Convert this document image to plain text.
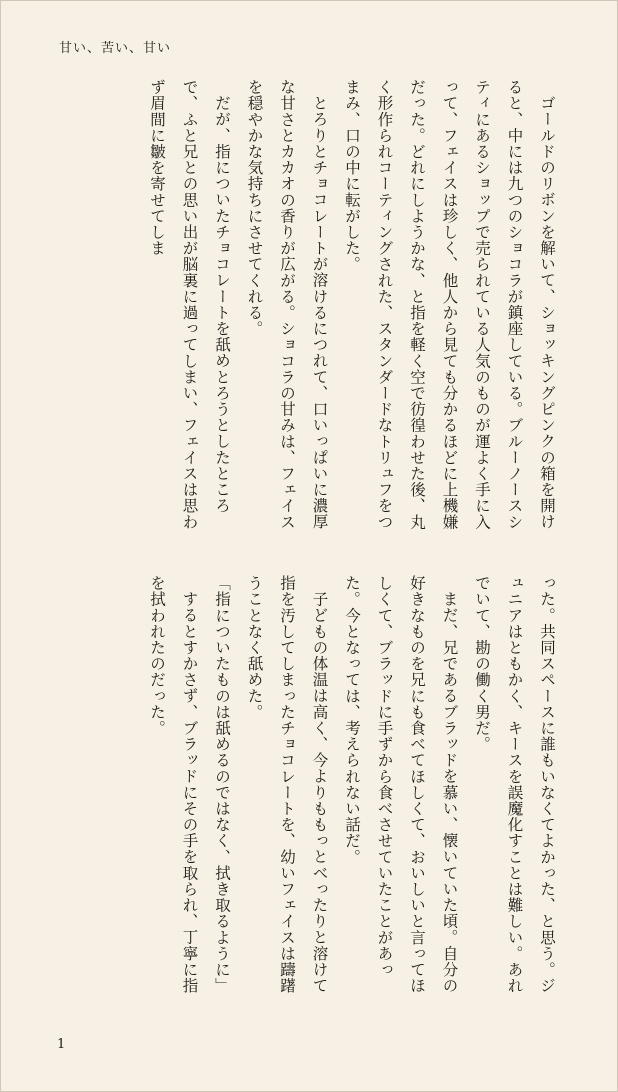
甘い、苦い、甘い

ゴールドのリボンを解いて、ショッキングピンクの箱を開けると、中には九つのショコラが鎮座している。ブルーノースシティにあるショップで売られている人気のものが運よく手に入って、フェイスは珍しく、他人から見ても分かるほどに上機嫌だった。どれにしようかな、と指を軽く空で彷徨わせた後、丸く形作られコーティングされた、スタンダードなトリュフをつまみ、口の中に転がした。

とろりとチョコレートが溶けるにつれて、口いっぱいに濃厚な甘さとカカオの香りが広がる。ショコラの甘みは、フェイスを穏やかな気持ちにさせてくれる。

だが、指についたチョコレートを舐めとろうとしたところで、ふと兄との思い出が脳裏に過ってしまい、フェイスは思わず眉間に皺を寄せてしま

った。共同スペースに誰もいなくてよかった、と思う。ジュニアはともかく、キースを誤魔化すことは難しい。あれでいて、勘の働く男だ。

まだ、兄であるブラッドを慕い、懐いていた頃。自分の好きなものを兄にも食べてほしくて、おいしいと言ってほしくて、ブラッドに手ずから食べさせていたことがあった。今となっては、考えられない話だ。

子どもの体温は高く、今よりももっとべったりと溶けて指を汚してしまったチョコレートを、幼いフェイスは躊躇うことなく舐めた。

「指についたものは舐めるのではなく、拭き取るように」

するとすかさず、ブラッドにその手を取られ、丁寧に指を拭われたのだった。

1
